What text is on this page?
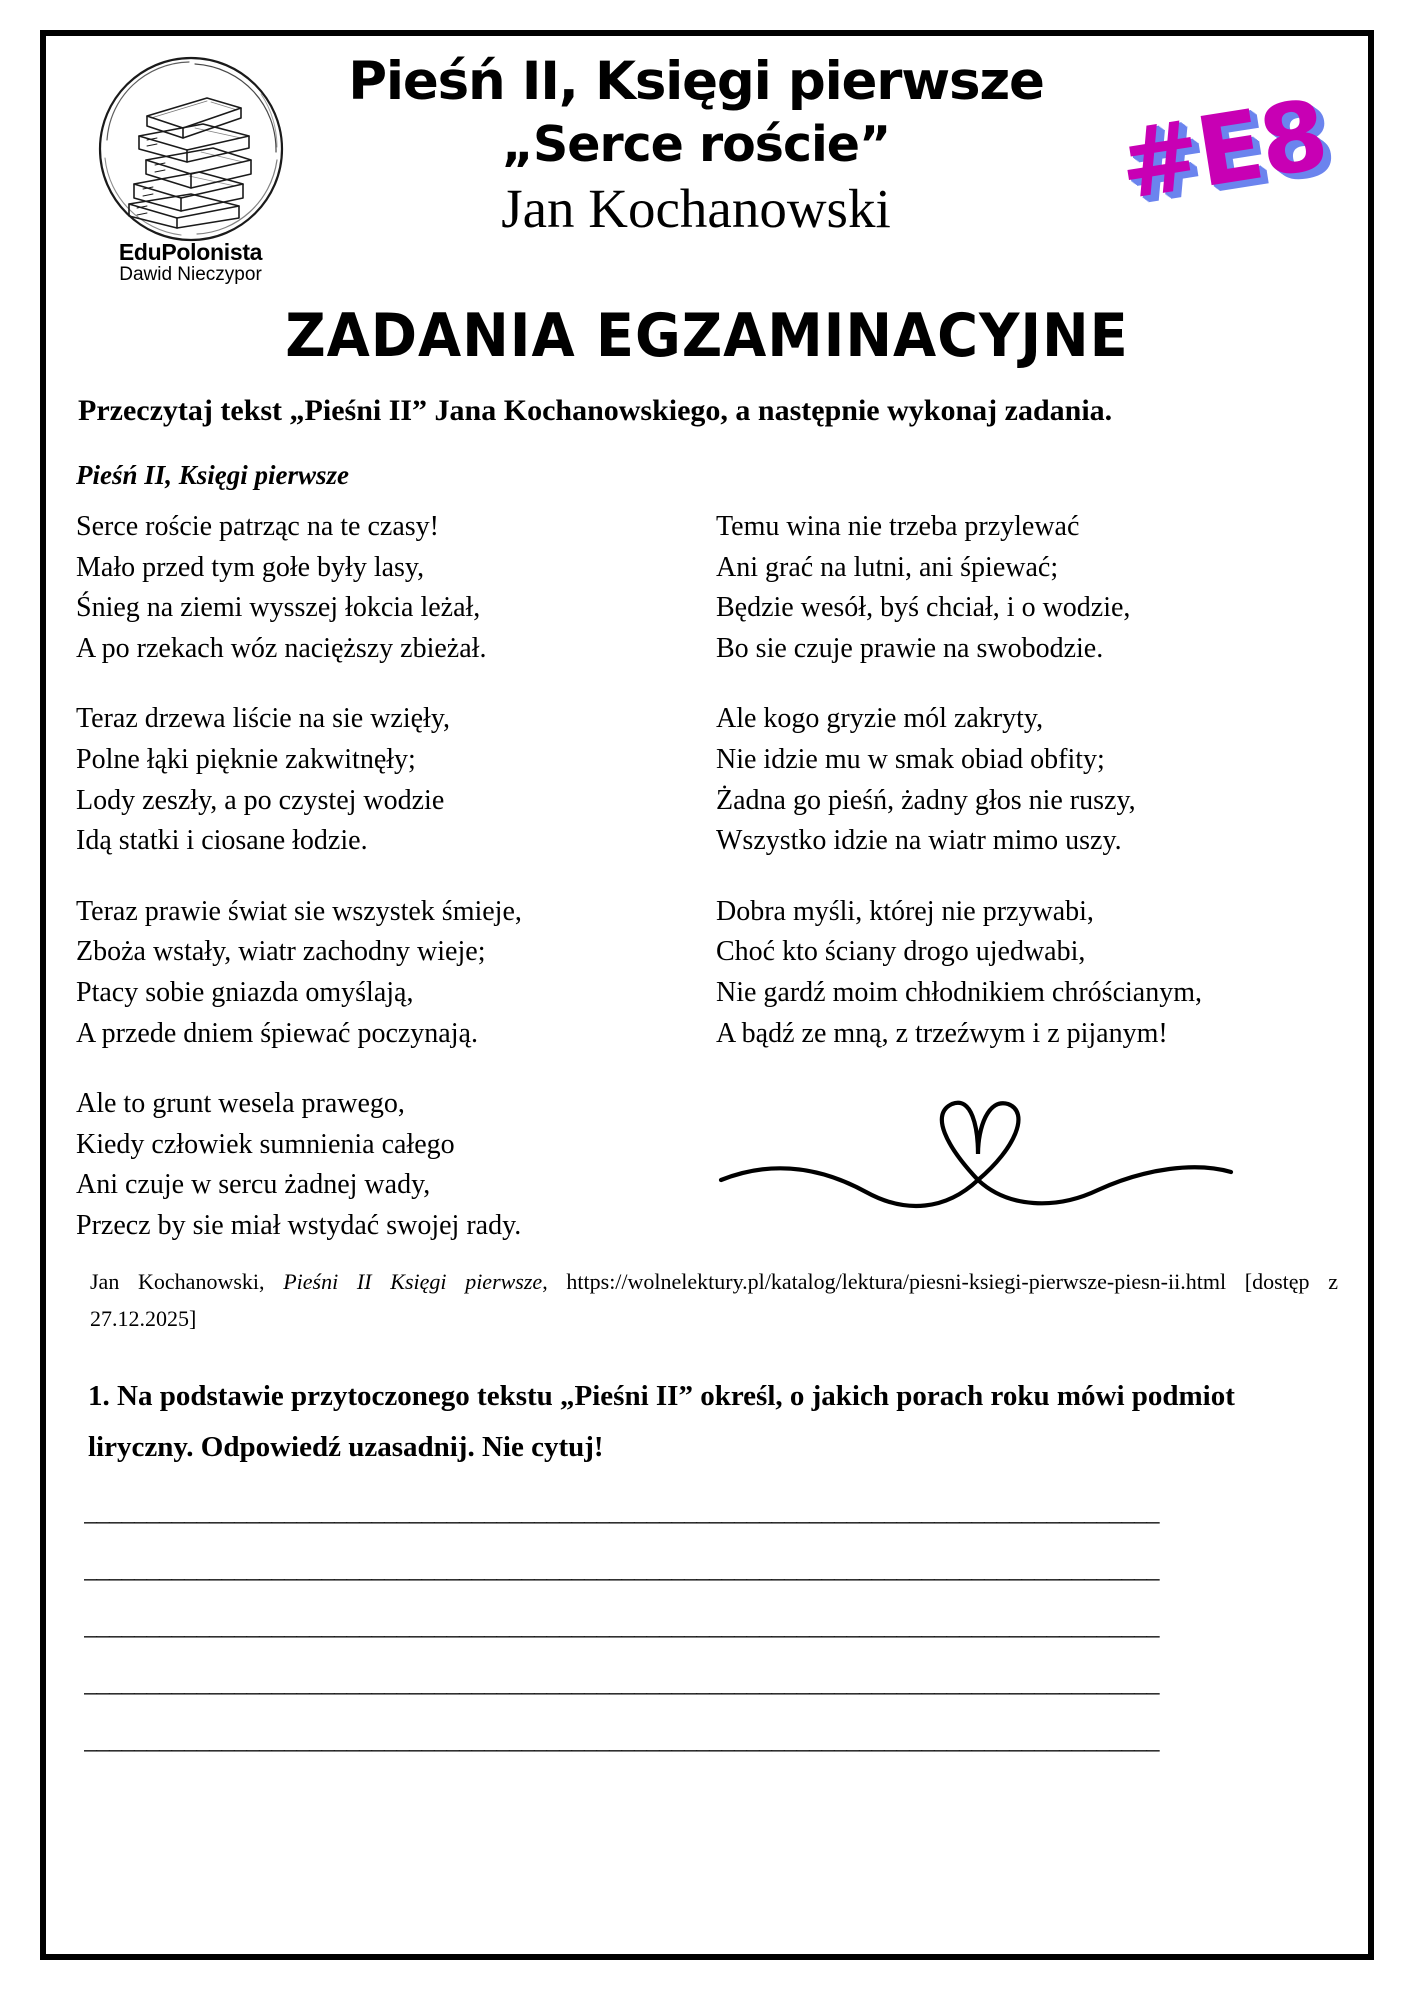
EduPolonista
Dawid Nieczypor
Pieśń II, Księgi pierwsze
„Serce roście”
Jan Kochanowski	#E8
ZADANIA EGZAMINACYJNE

Przeczytaj tekst „Pieśni II” Jana Kochanowskiego, a następnie wykonaj zadania.

Pieśń II, Księgi pierwsze
Serce roście patrząc na te czasy!
Mało przed tym gołe były lasy,
Śnieg na ziemi wysszej łokcia leżał,
A po rzekach wóz nacięższy zbieżał.
Teraz drzewa liście na sie wzięły,
Polne łąki pięknie zakwitnęły;
Lody zeszły, a po czystej wodzie
Idą statki i ciosane łodzie.
Teraz prawie świat sie wszystek śmieje,
Zboża wstały, wiatr zachodny wieje;
Ptacy sobie gniazda omyślają,
A przede dniem śpiewać poczynają.
Ale to grunt wesela prawego,
Kiedy człowiek sumnienia całego
Ani czuje w sercu żadnej wady,
Przecz by sie miał wstydać swojej rady.
Temu wina nie trzeba przylewać
Ani grać na lutni, ani śpiewać;
Będzie wesół, byś chciał, i o wodzie,
Bo sie czuje prawie na swobodzie.
Ale kogo gryzie mól zakryty,
Nie idzie mu w smak obiad obfity;
Żadna go pieśń, żadny głos nie ruszy,
Wszystko idzie na wiatr mimo uszy.
Dobra myśli, której nie przywabi,
Choć kto ściany drogo ujedwabi,
Nie gardź moim chłodnikiem chróścianym,
A bądź ze mną, z trzeźwym i z pijanym!

Jan Kochanowski, Pieśni II Księgi pierwsze, https://wolnelektury.pl/katalog/lektura/piesni-ksiegi-pierwsze-piesn-ii.html [dostęp z 27.12.2025]

1. Na podstawie przytoczonego tekstu „Pieśni II” określ, o jakich porach roku mówi podmiot liryczny. Odpowiedź uzasadnij. Nie cytuj!

______________________________________________________________________________________
______________________________________________________________________________________
______________________________________________________________________________________
______________________________________________________________________________________
______________________________________________________________________________________
